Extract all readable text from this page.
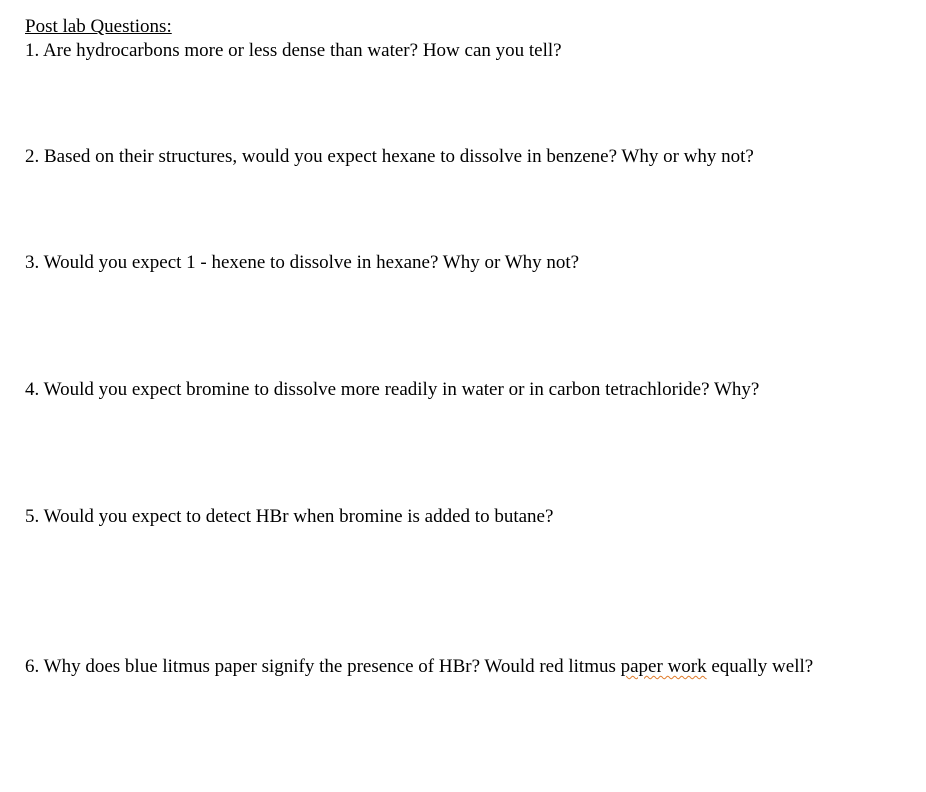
Post lab Questions:

1. Are hydrocarbons more or less dense than water? How can you tell?

2. Based on their structures, would you expect hexane to dissolve in benzene? Why or why not?

3. Would you expect 1 - hexene to dissolve in hexane? Why or Why not?

4. Would you expect bromine to dissolve more readily in water or in carbon tetrachloride? Why?

5. Would you expect to detect HBr when bromine is added to butane?

6. Why does blue litmus paper signify the presence of HBr? Would red litmus paper work equally well?
